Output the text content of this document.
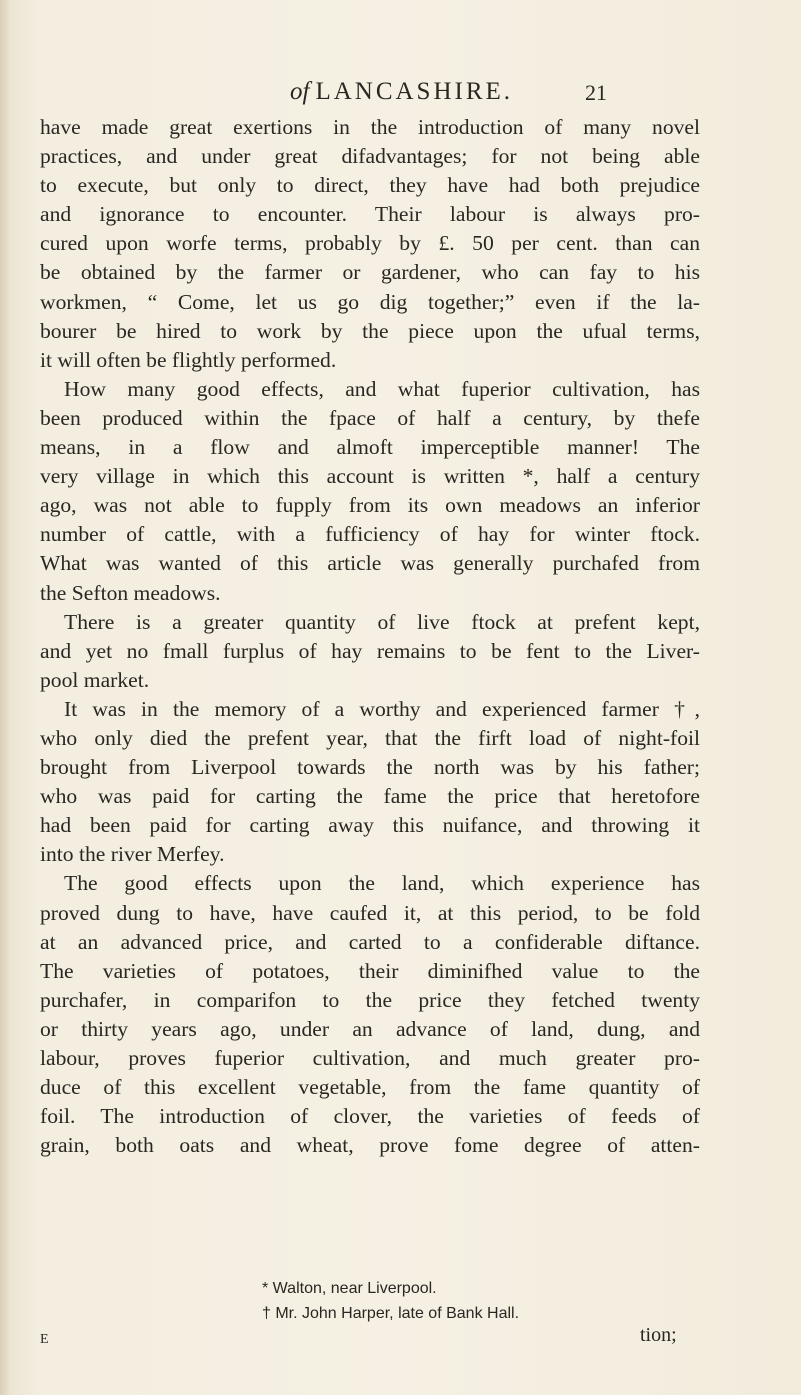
of LANCASHIRE.	21
have made great exertions in the introduction of many novel
practices, and under great difadvantages; for not being able
to execute, but only to direct, they have had both prejudice
and ignorance to encounter. Their labour is always pro-
cured upon worfe terms, probably by £. 50 per cent. than can
be obtained by the farmer or gardener, who can fay to his
workmen, “ Come, let us go dig together;” even if the la-
bourer be hired to work by the piece upon the ufual terms,
it will often be flightly performed.
How many good effects, and what fuperior cultivation, has
been produced within the fpace of half a century, by thefe
means, in a flow and almoft imperceptible manner! The
very village in which this account is written *, half a century
ago, was not able to fupply from its own meadows an inferior
number of cattle, with a fufficiency of hay for winter ftock.
What was wanted of this article was generally purchafed from
the Sefton meadows.
There is a greater quantity of live ftock at prefent kept,
and yet no fmall furplus of hay remains to be fent to the Liver-
pool market.
It was in the memory of a worthy and experienced farmer †,
who only died the prefent year, that the firft load of night-foil
brought from Liverpool towards the north was by his father;
who was paid for carting the fame the price that heretofore
had been paid for carting away this nuifance, and throwing it
into the river Merfey.
The good effects upon the land, which experience has
proved dung to have, have caufed it, at this period, to be fold
at an advanced price, and carted to a confiderable diftance.
The varieties of potatoes, their diminifhed value to the
purchafer, in comparifon to the price they fetched twenty
or thirty years ago, under an advance of land, dung, and
labour, proves fuperior cultivation, and much greater pro-
duce of this excellent vegetable, from the fame quantity of
foil. The introduction of clover, the varieties of feeds of
grain, both oats and wheat, prove fome degree of atten-
* Walton, near Liverpool.
† Mr. John Harper, late of Bank Hall.
E	tion;
